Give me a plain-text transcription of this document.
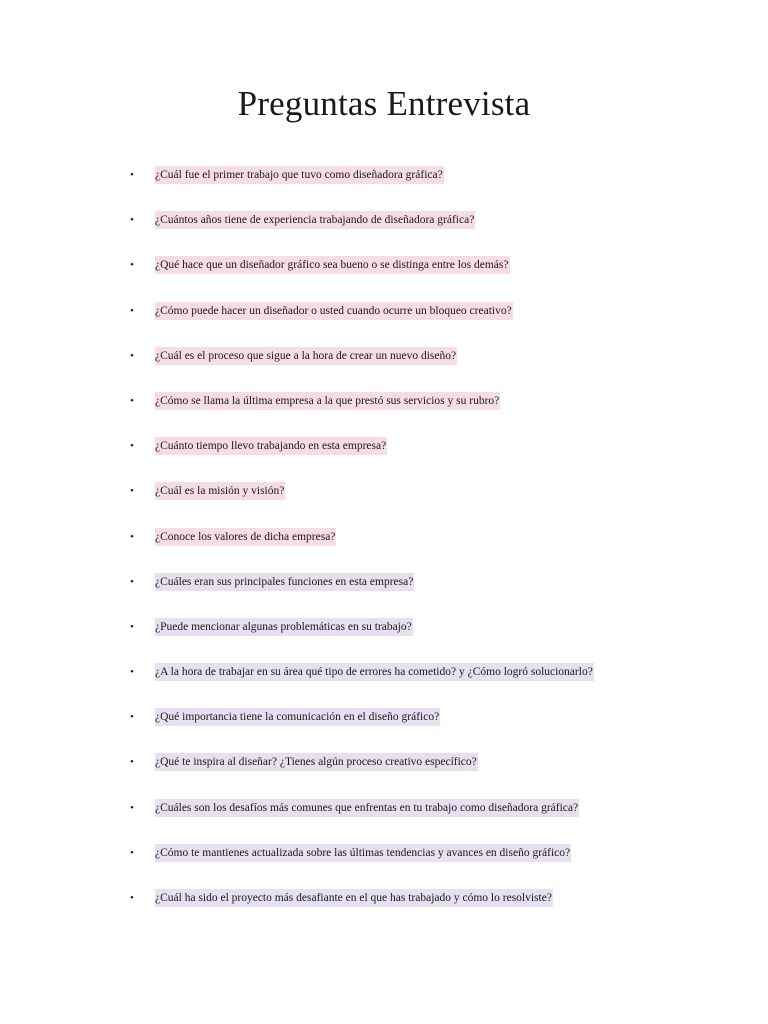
Preguntas Entrevista
• ¿Cuál fue el primer trabajo que tuvo como diseñadora gráfica?
• ¿Cuántos años tiene de experiencia trabajando de diseñadora gráfica?
• ¿Qué hace que un diseñador gráfico sea bueno o se distinga entre los demás?
• ¿Cómo puede hacer un diseñador o usted cuando ocurre un bloqueo creativo?
• ¿Cuál es el proceso que sigue a la hora de crear un nuevo diseño?
• ¿Cómo se llama la última empresa a la que prestó sus servicios y su rubro?
• ¿Cuánto tiempo llevo trabajando en esta empresa?
• ¿Cuál es la misión y visión?
• ¿Conoce los valores de dicha empresa?
• ¿Cuáles eran sus principales funciones en esta empresa?
• ¿Puede mencionar algunas problemáticas en su trabajo?
• ¿A la hora de trabajar en su área qué tipo de errores ha cometido? y ¿Cómo logró solucionarlo?
• ¿Qué importancia tiene la comunicación en el diseño gráfico?
• ¿Qué te inspira al diseñar? ¿Tienes algún proceso creativo específico?
• ¿Cuáles son los desafíos más comunes que enfrentas en tu trabajo como diseñadora gráfica?
• ¿Cómo te mantienes actualizada sobre las últimas tendencias y avances en diseño gráfico?
• ¿Cuál ha sido el proyecto más desafiante en el que has trabajado y cómo lo resolviste?
